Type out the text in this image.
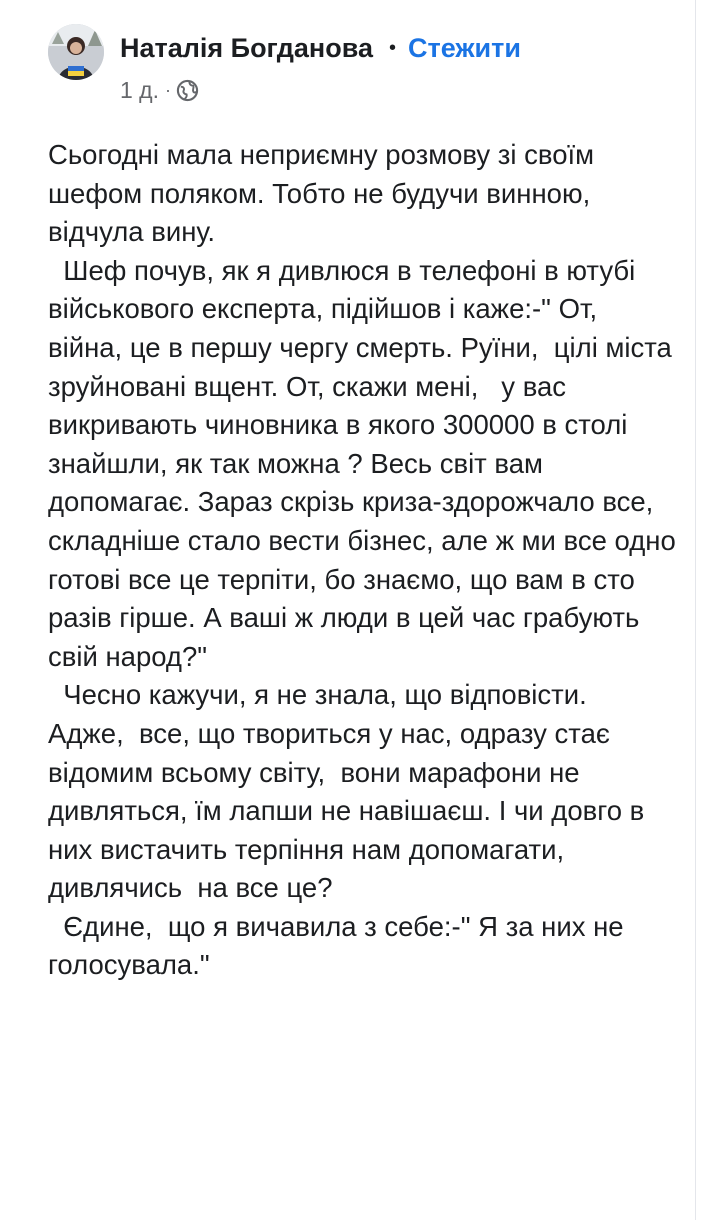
Наталія Богданова • Стежити
1 д. ·

Сьогодні мала неприємну розмову зі своїм шефом поляком. Тобто не будучи винною, відчула вину.

Шеф почув, як я дивлюся в телефоні в ютубі військового експерта, підійшов і каже:-" От, війна, це в першу чергу смерть. Руїни,  цілі міста зруйновані вщент. От, скажи мені,   у вас викривають чиновника в якого 300000 в столі знайшли, як так можна ? Весь світ вам допомагає. Зараз скрізь криза-здорожчало все, складніше стало вести бізнес, але ж ми все одно готові все це терпіти, бо знаємо, що вам в сто разів гірше. А ваші ж люди в цей час грабують свій народ?"

Чесно кажучи, я не знала, що відповісти.

Адже,  все, що твориться у нас, одразу стає відомим всьому світу,  вони марафони не дивляться, їм лапши не навішаєш. І чи довго в них вистачить терпіння нам допомагати,  дивлячись  на все це?

Єдине,  що я вичавила з себе:-" Я за них не голосувала."
